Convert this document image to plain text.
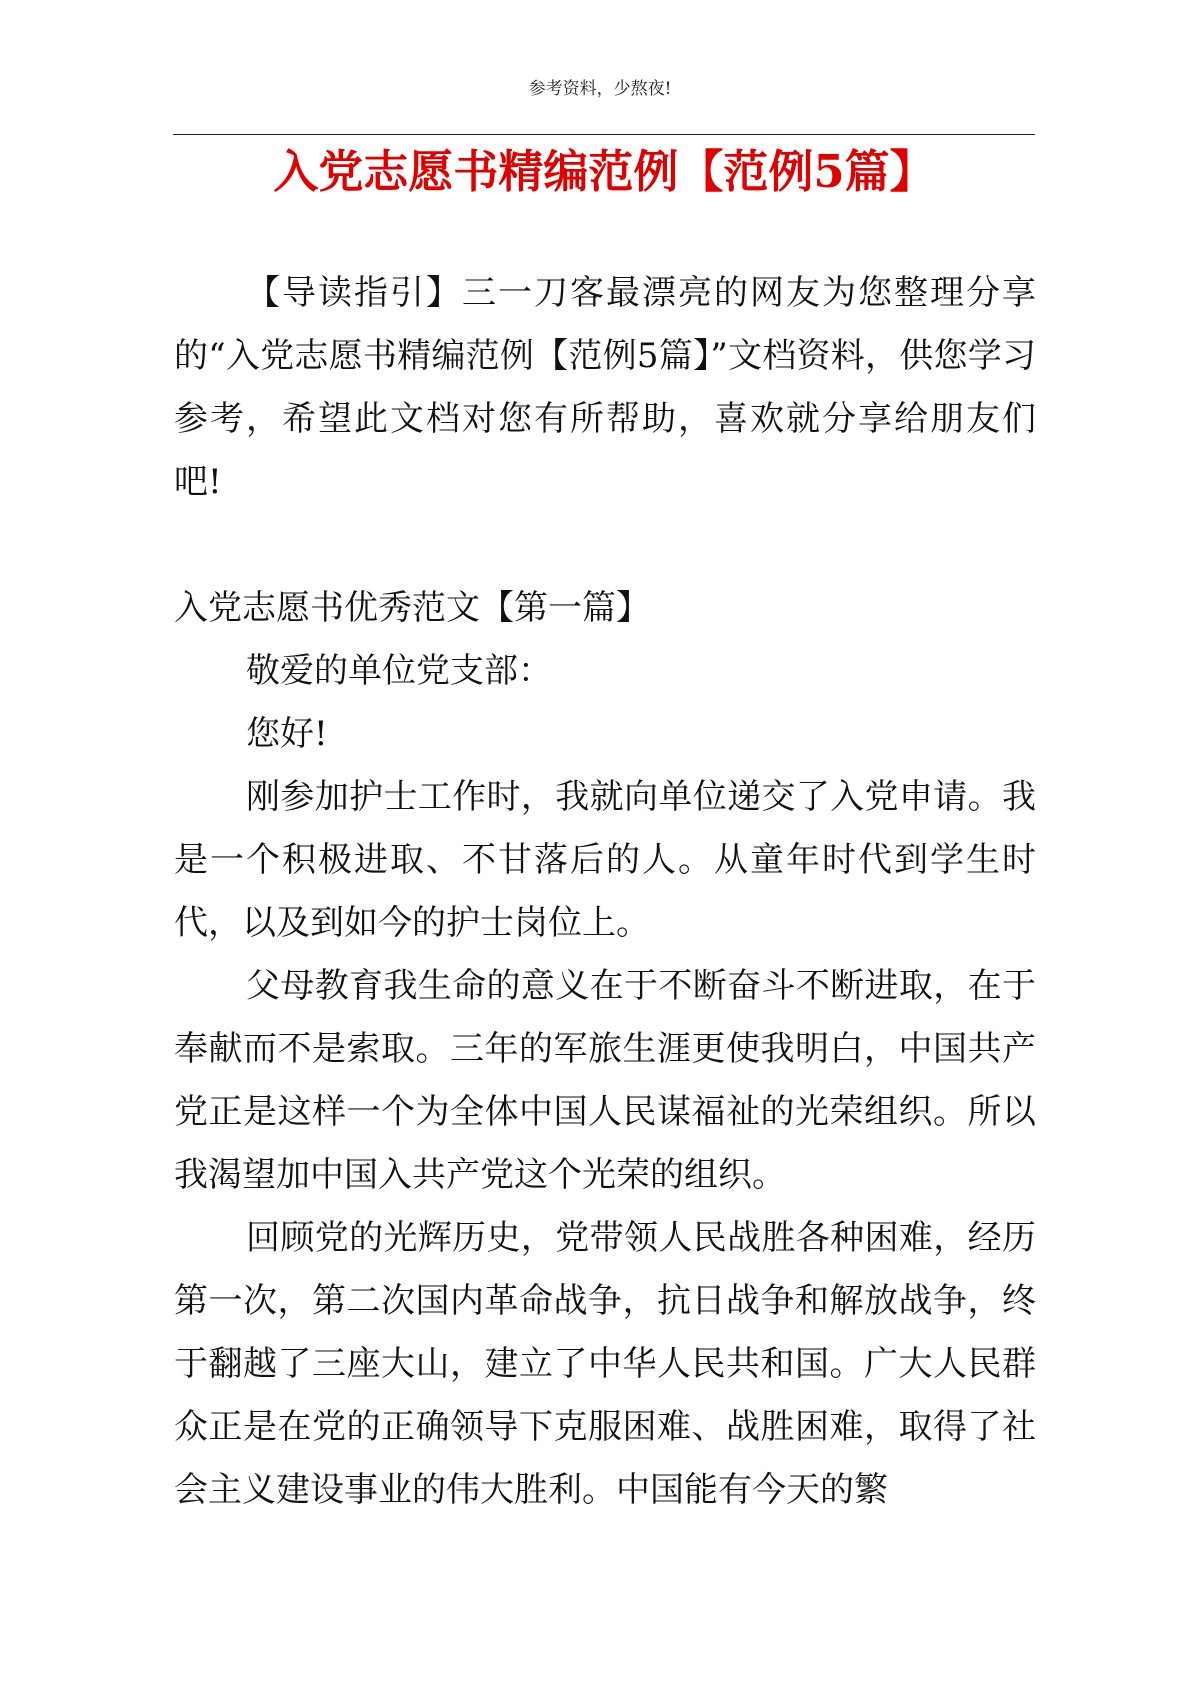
参考资料，少熬夜!
入党志愿书精编范例【范例5篇】

【导读指引】三一刀客最漂亮的网友为您整理分享的“入党志愿书精编范例【范例5篇】”文档资料，供您学习参考，希望此文档对您有所帮助，喜欢就分享给朋友们吧!

入党志愿书优秀范文【第一篇】

敬爱的单位党支部：

您好!

刚参加护士工作时，我就向单位递交了入党申请。我是一个积极进取、不甘落后的人。从童年时代到学生时代，以及到如今的护士岗位上。

父母教育我生命的意义在于不断奋斗不断进取，在于奉献而不是索取。三年的军旅生涯更使我明白，中国共产党正是这样一个为全体中国人民谋福祉的光荣组织。所以我渴望加中国入共产党这个光荣的组织。

回顾党的光辉历史，党带领人民战胜各种困难，经历第一次，第二次国内革命战争，抗日战争和解放战争，终于翻越了三座大山，建立了中华人民共和国。广大人民群众正是在党的正确领导下克服困难、战胜困难，取得了社会主义建设事业的伟大胜利。中国能有今天的繁
